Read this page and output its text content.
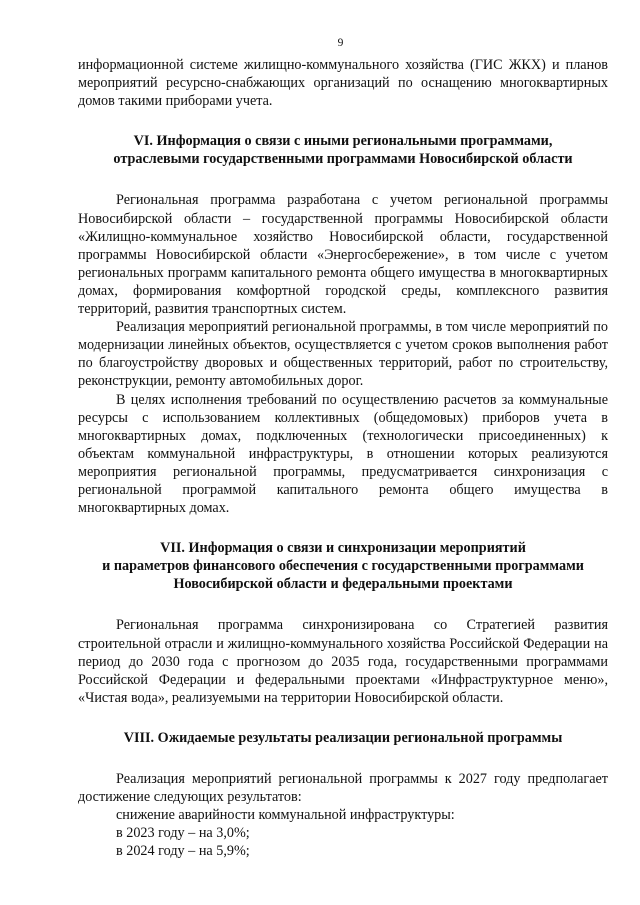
9

информационной системе жилищно-коммунального хозяйства (ГИС ЖКХ) и планов мероприятий ресурсно-снабжающих организаций по оснащению многоквартирных домов такими приборами учета.

VI. Информация о связи с иными региональными программами,
отраслевыми государственными программами Новосибирской области

Региональная программа разработана с учетом региональной программы Новосибирской области – государственной программы Новосибирской области «Жилищно-коммунальное хозяйство Новосибирской области, государственной программы Новосибирской области «Энергосбережение», в том числе с учетом региональных программ капитального ремонта общего имущества в многоквартирных домах, формирования комфортной городской среды, комплексного развития территорий, развития транспортных систем.

Реализация мероприятий региональной программы, в том числе мероприятий по модернизации линейных объектов, осуществляется с учетом сроков выполнения работ по благоустройству дворовых и общественных территорий, работ по строительству, реконструкции, ремонту автомобильных дорог.

В целях исполнения требований по осуществлению расчетов за коммунальные ресурсы с использованием коллективных (общедомовых) приборов учета в многоквартирных домах, подключенных (технологически присоединенных) к объектам коммунальной инфраструктуры, в отношении которых реализуются мероприятия региональной программы, предусматривается синхронизация с региональной программой капитального ремонта общего имущества в многоквартирных домах.

VII. Информация о связи и синхронизации мероприятий
и параметров финансового обеспечения с государственными программами
Новосибирской области и федеральными проектами

Региональная программа синхронизирована со Стратегией развития строительной отрасли и жилищно-коммунального хозяйства Российской Федерации на период до 2030 года с прогнозом до 2035 года, государственными программами Российской Федерации и федеральными проектами «Инфраструктурное меню», «Чистая вода», реализуемыми на территории Новосибирской области.

VIII. Ожидаемые результаты реализации региональной программы

Реализация мероприятий региональной программы к 2027 году предполагает достижение следующих результатов:

снижение аварийности коммунальной инфраструктуры:

в 2023 году – на 3,0%;

в 2024 году – на 5,9%;
